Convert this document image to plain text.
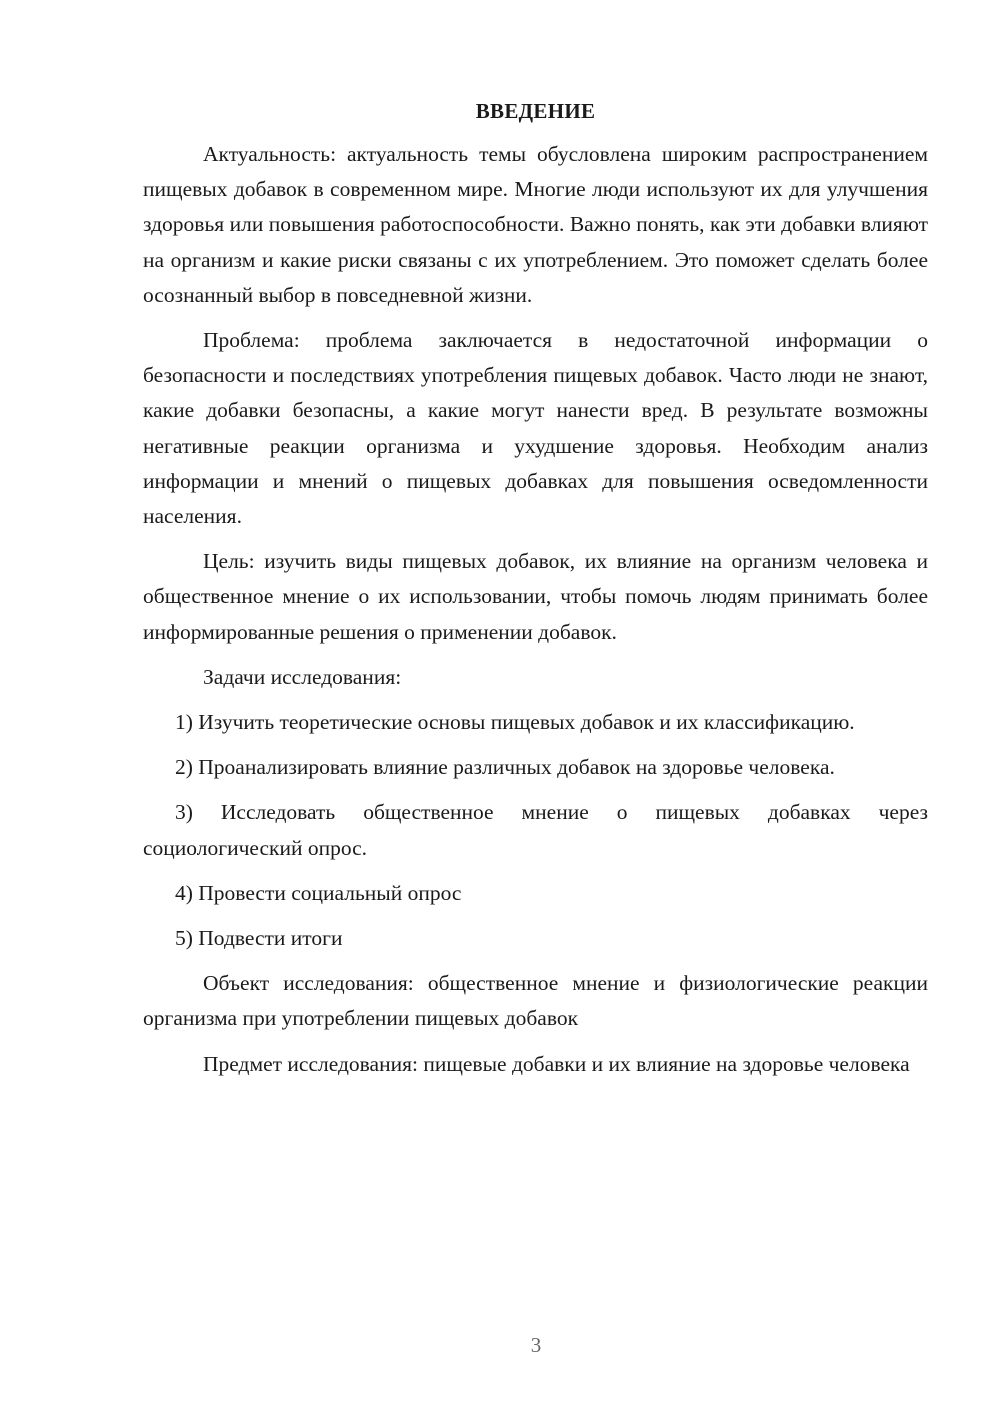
ВВЕДЕНИЕ

Актуальность: актуальность темы обусловлена широким распространением пищевых добавок в современном мире. Многие люди используют их для улучшения здоровья или повышения работоспособности. Важно понять, как эти добавки влияют на организм и какие риски связаны с их употреблением. Это поможет сделать более осознанный выбор в повседневной жизни.

Проблема: проблема заключается в недостаточной информации о безопасности и последствиях употребления пищевых добавок. Часто люди не знают, какие добавки безопасны, а какие могут нанести вред. В результате возможны негативные реакции организма и ухудшение здоровья. Необходим анализ информации и мнений о пищевых добавках для повышения осведомленности населения.

Цель: изучить виды пищевых добавок, их влияние на организм человека и общественное мнение о их использовании, чтобы помочь людям принимать более информированные решения о применении добавок.

Задачи исследования:

1) Изучить теоретические основы пищевых добавок и их классификацию.

2) Проанализировать влияние различных добавок на здоровье человека.

3) Исследовать общественное мнение о пищевых добавках через социологический опрос.

4) Провести социальный опрос

5) Подвести итоги

Объект исследования: общественное мнение и физиологические реакции организма при употреблении пищевых добавок

Предмет исследования: пищевые добавки и их влияние на здоровье человека

3
